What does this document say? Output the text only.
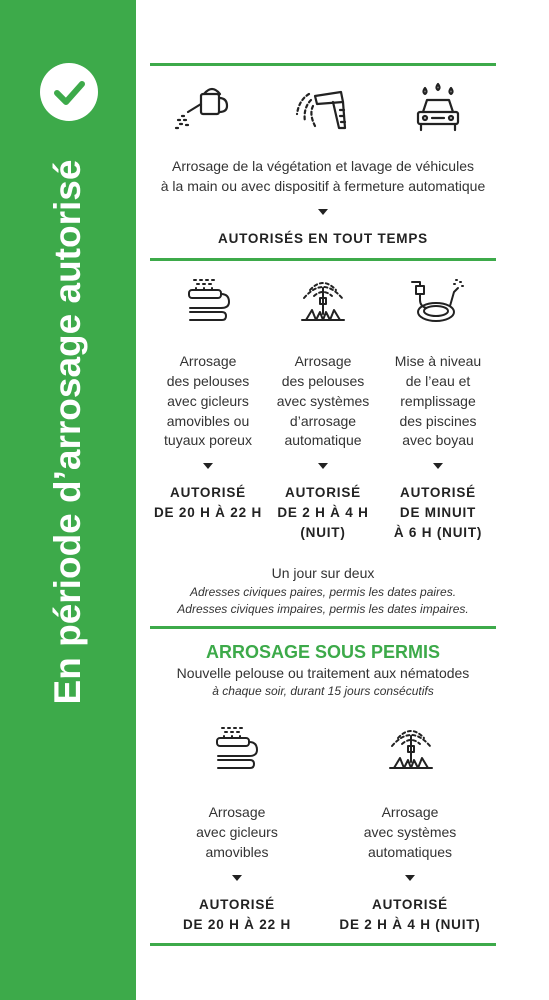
En période d’arrosage autorisé	Arrosage de la végétation et lavage de véhicules
à la main ou avec dispositif à fermeture automatique
AUTORISÉS EN TOUT TEMPS
Arrosage
des pelouses
avec gicleurs
amovibles ou
tuyaux poreux
AUTORISÉ
DE 20 H À 22 H
Arrosage
des pelouses
avec systèmes
d’arrosage
automatique
AUTORISÉ
DE 2 H À 4 H
(NUIT)
Mise à niveau
de l’eau et
remplissage
des piscines
avec boyau
AUTORISÉ
DE MINUIT
À 6 H (NUIT)
Un jour sur deux
Adresses civiques paires, permis les dates paires.
Adresses civiques impaires, permis les dates impaires.
ARROSAGE SOUS PERMIS
Nouvelle pelouse ou traitement aux nématodes
à chaque soir, durant 15 jours consécutifs
Arrosage
avec gicleurs
amovibles
AUTORISÉ
DE 20 H À 22 H
Arrosage
avec systèmes
automatiques
AUTORISÉ
DE 2 H À 4 H (NUIT)
